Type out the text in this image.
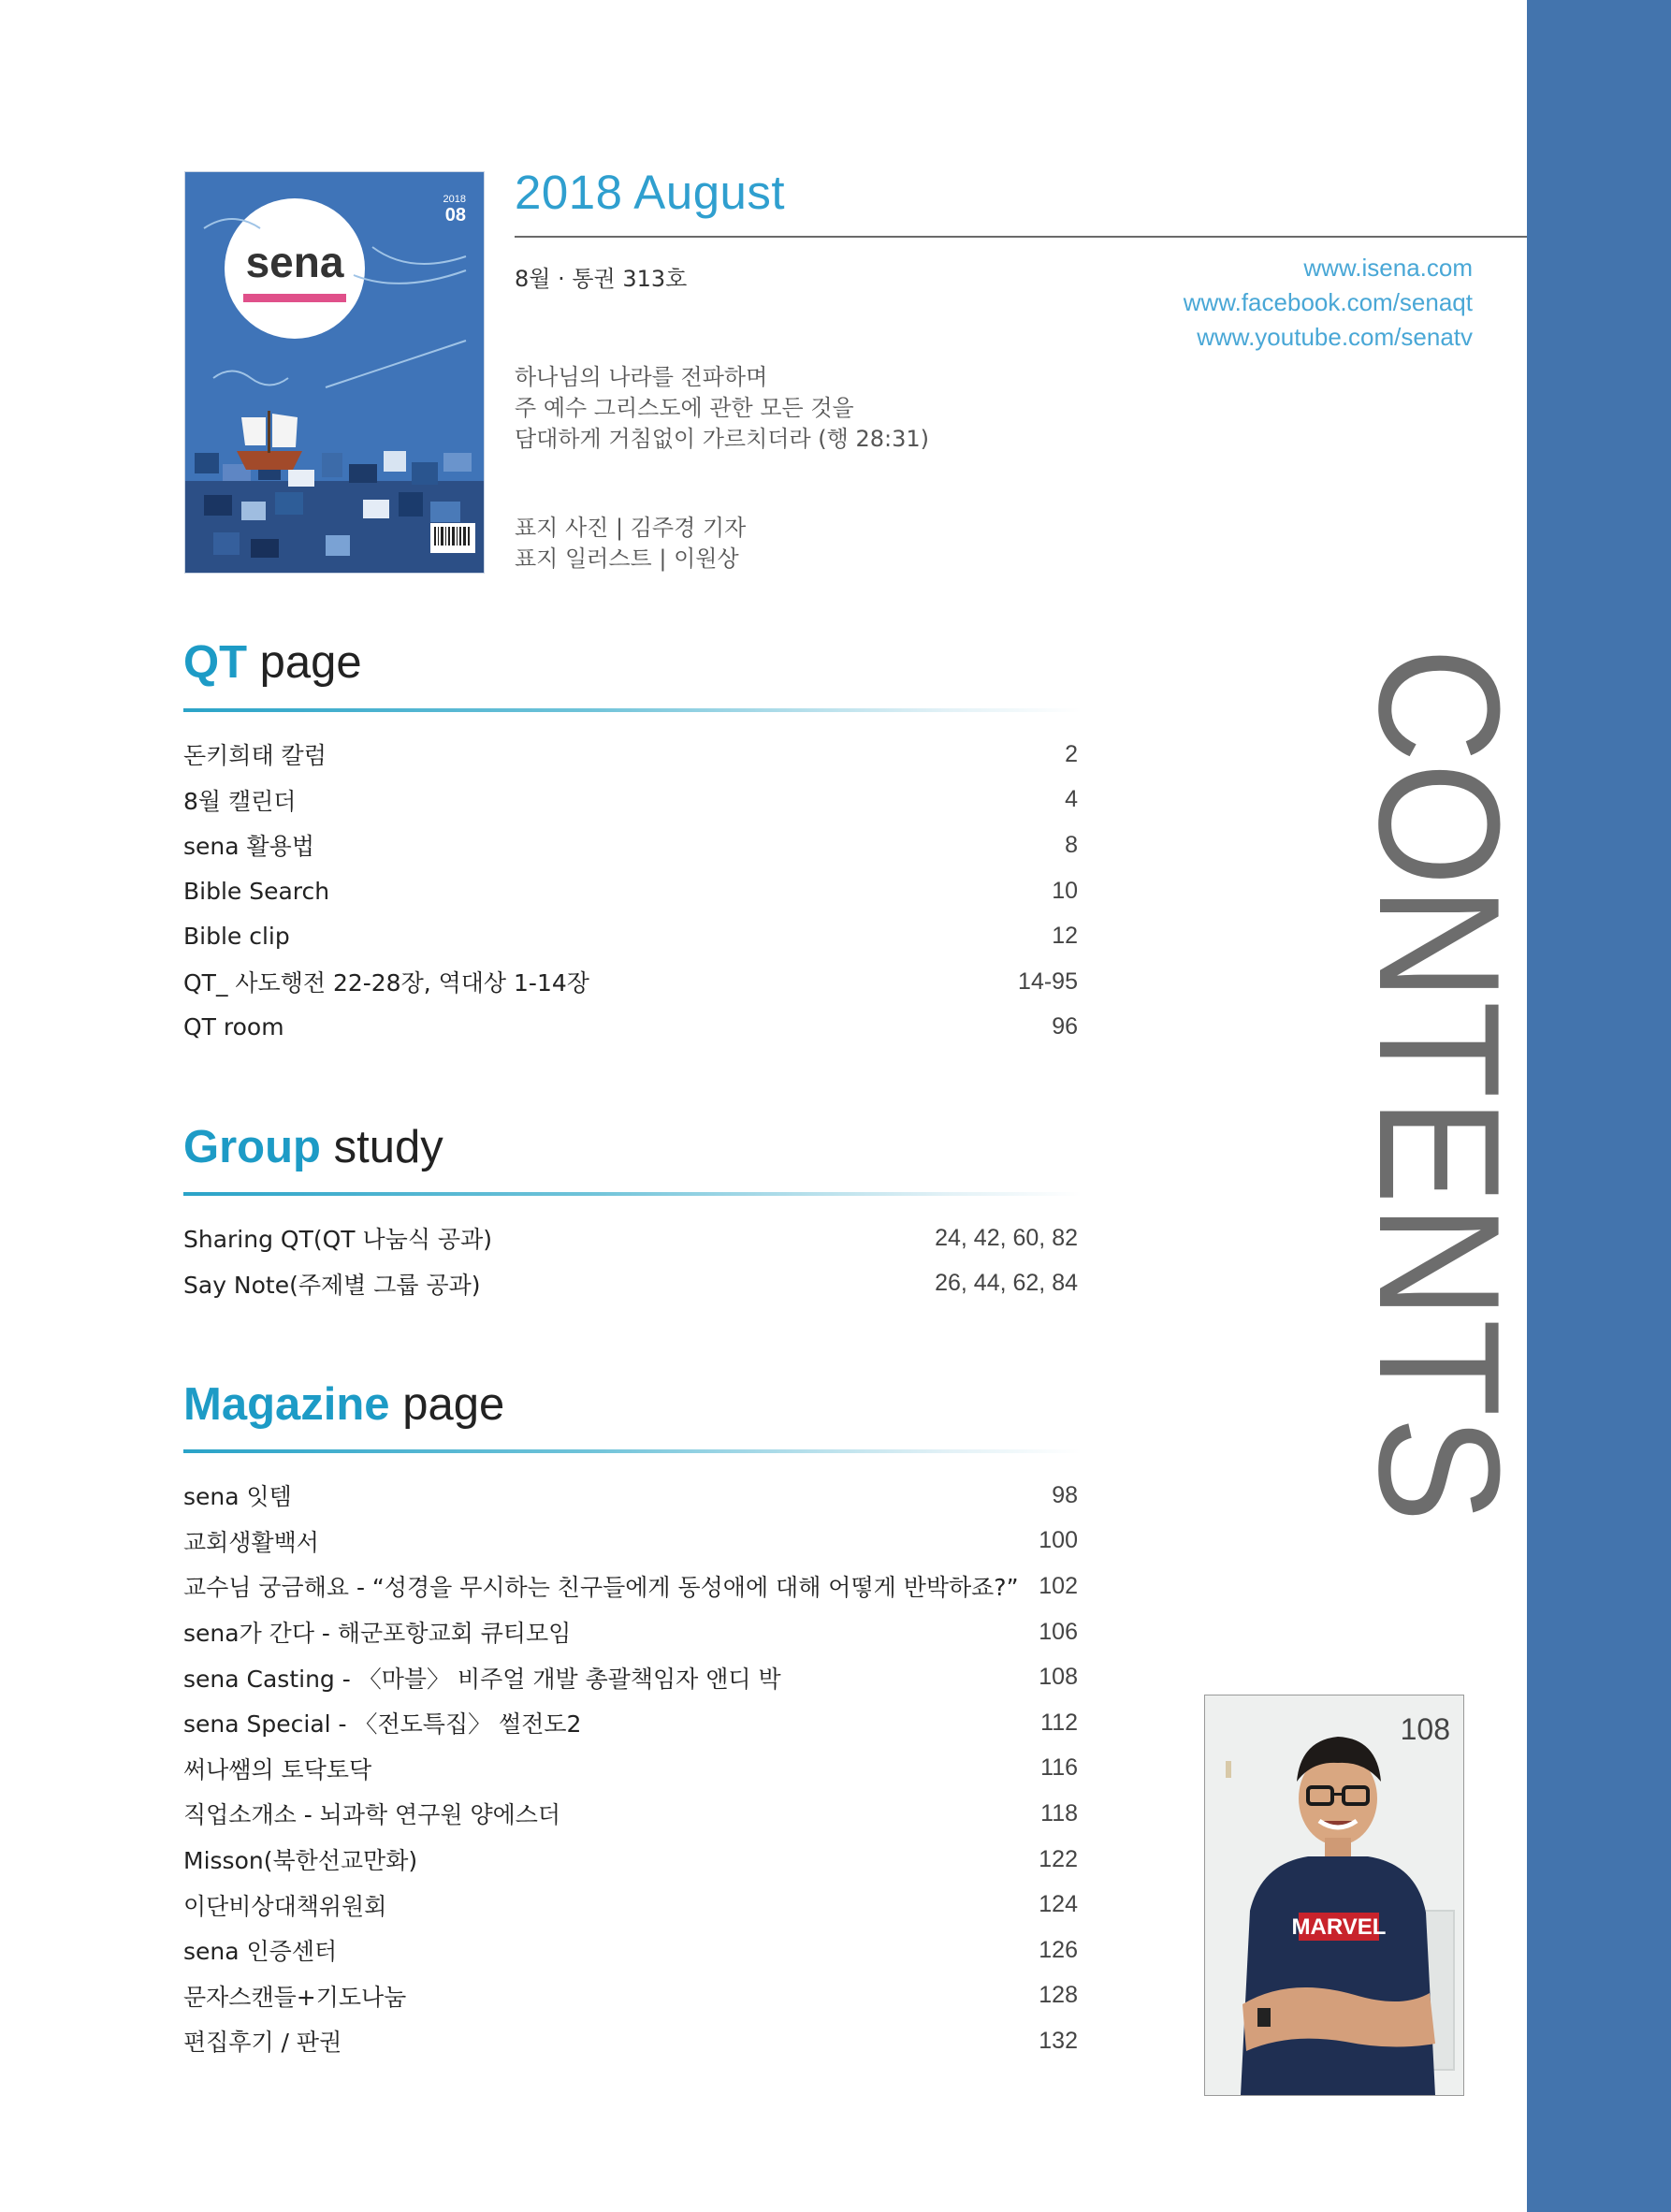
CONTENTS
2018
08
sena
2018 August
8월 · 통권 313호	www.isena.com
www.facebook.com/senaqt
www.youtube.com/senatv
하나님의 나라를 전파하며
주 예수 그리스도에 관한 모든 것을
담대하게 거침없이 가르치더라 (행 28:31)
표지 사진 | 김주경 기자
표지 일러스트 | 이원상
QT page
돈키희태 칼럼	2
8월 캘린더	4
sena 활용법	8
Bible Search	10
Bible clip	12
QT_ 사도행전 22-28장, 역대상 1-14장	14-95
QT room	96
Group study
Sharing QT(QT 나눔식 공과)	24, 42, 60, 82
Say Note(주제별 그룹 공과)	26, 44, 62, 84
Magazine page
sena 잇템	98
교회생활백서	100
교수님 궁금해요 - “성경을 무시하는 친구들에게 동성애에 대해 어떻게 반박하죠?” 102
sena가 간다 - 해군포항교회 큐티모임	106
sena Casting - 〈마블〉 비주얼 개발 총괄책임자 앤디 박	108
sena Special - 〈전도특집〉 썰전도2	112
써나쌤의 토닥토닥	116
직업소개소 - 뇌과학 연구원 양에스더	118
Misson(북한선교만화)	122
이단비상대책위원회	124
sena 인증센터	126
문자스캔들+기도나눔	128
편집후기 / 판권	132
MARVEL
108
